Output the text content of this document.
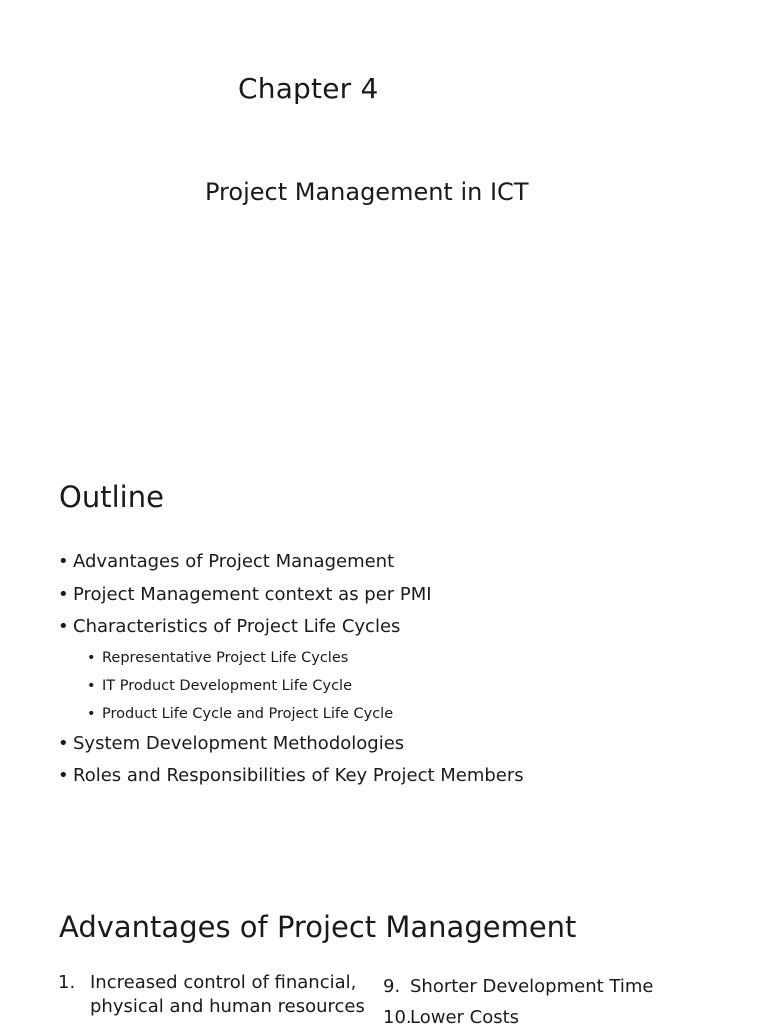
Chapter 4
Project Management in ICT
Outline
• Advantages of Project Management
• Project Management context as per PMI
• Characteristics of Project Life Cycles
• Representative Project Life Cycles
• IT Product Development Life Cycle
• Product Life Cycle and Project Life Cycle
• System Development Methodologies
• Roles and Responsibilities of Key Project Members
Advantages of Project Management
1. Increased control of financial, physical and human resources
9. Shorter Development Time
10.
Lower Costs
